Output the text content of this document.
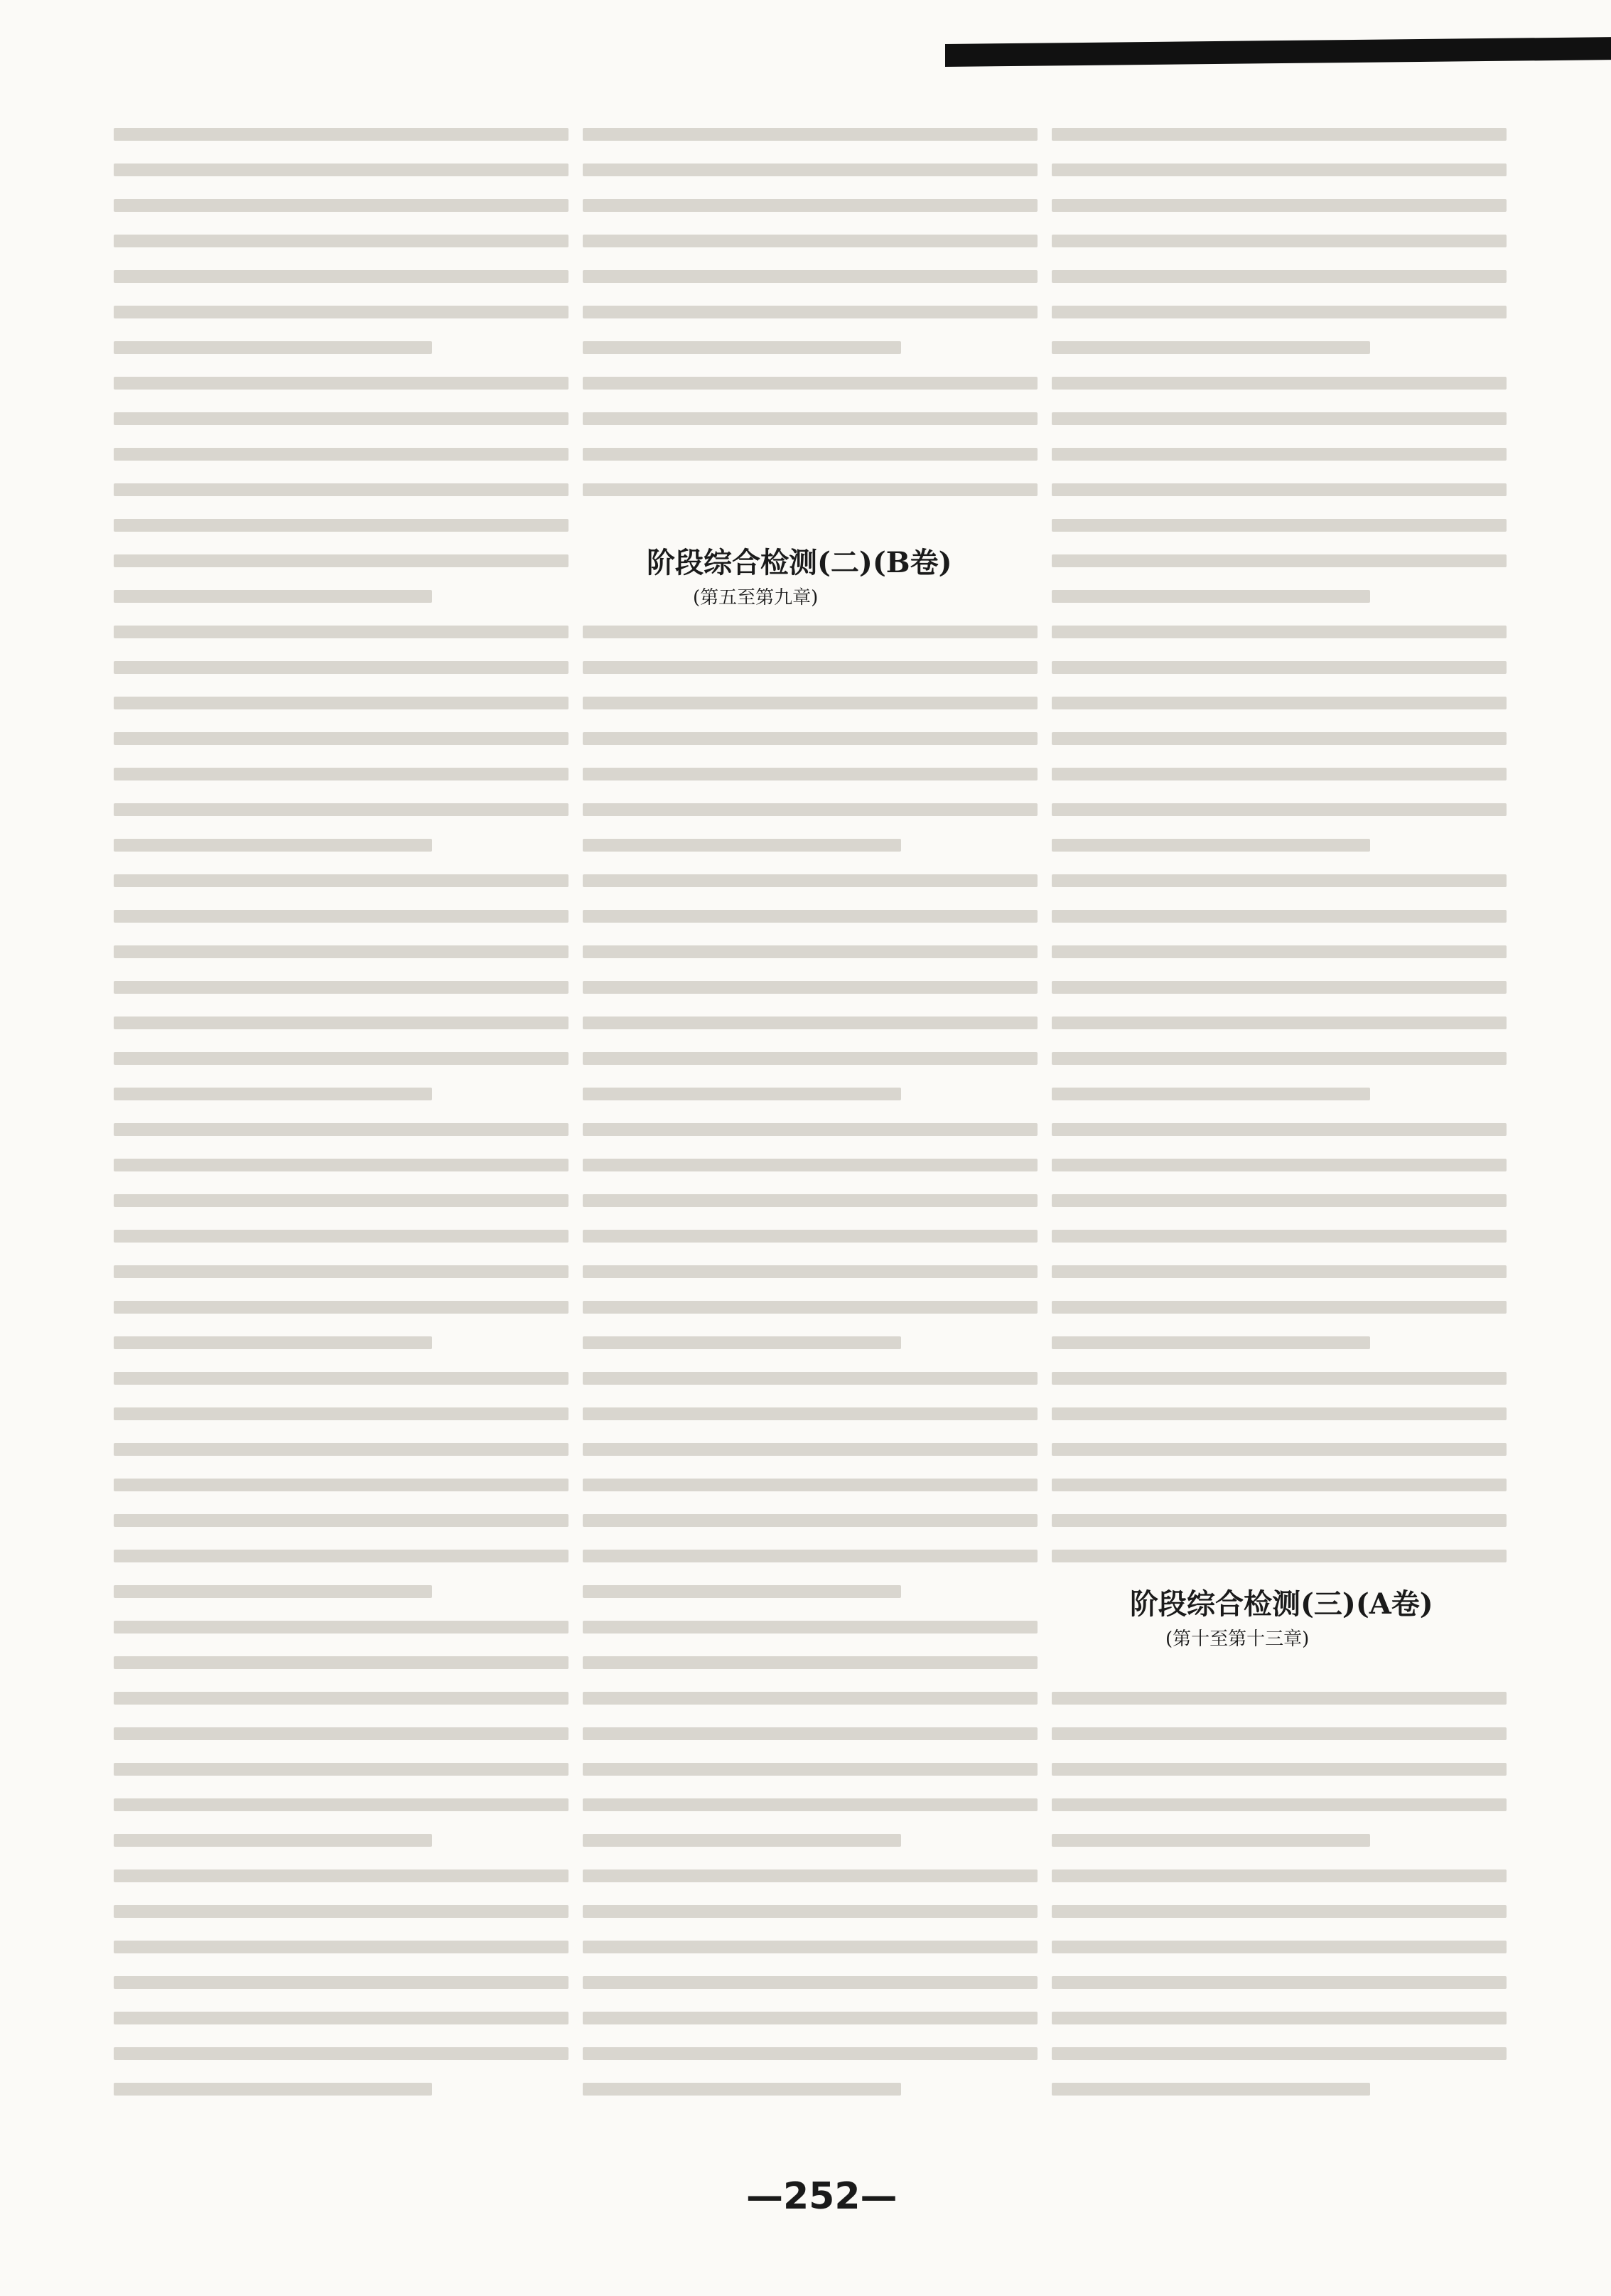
阶段综合检测(二)(B卷)
(第五至第九章)
阶段综合检测(三)(A卷)
(第十至第十三章)
—252—
